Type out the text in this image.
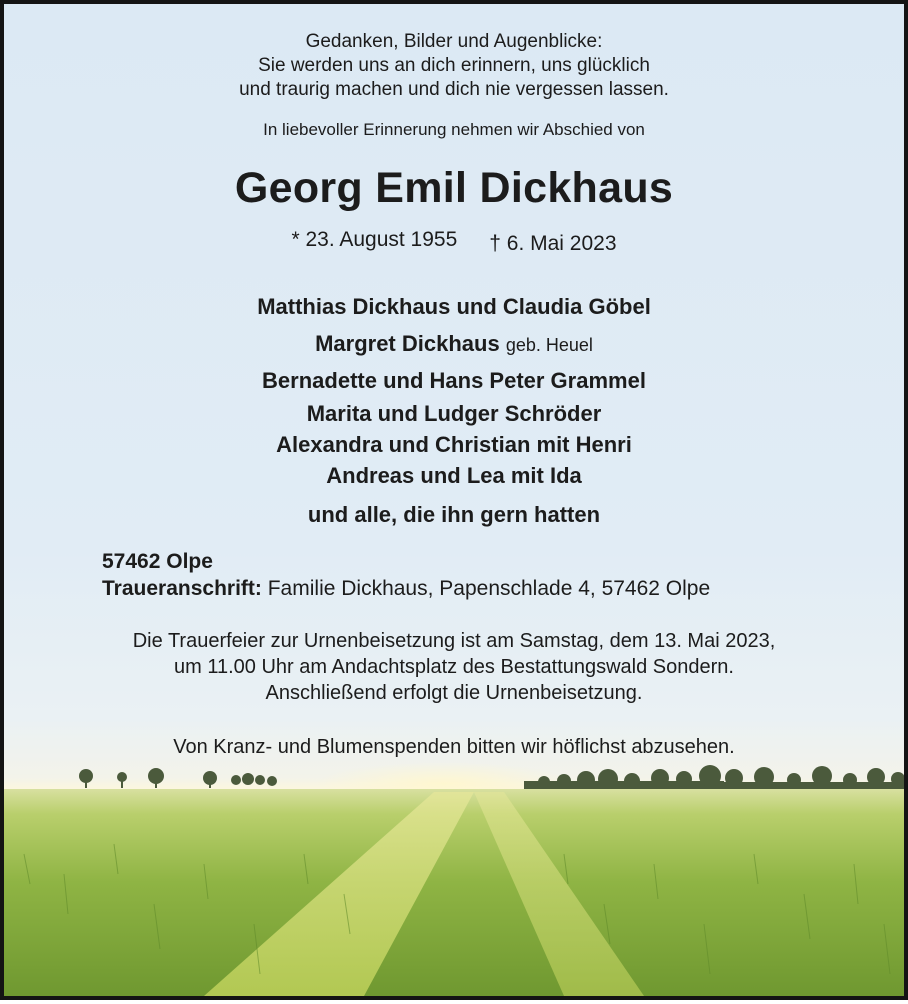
Gedanken, Bilder und Augenblicke:
Sie werden uns an dich erinnern, uns glücklich
und traurig machen und dich nie vergessen lassen.
In liebevoller Erinnerung nehmen wir Abschied von
Georg Emil Dickhaus
* 23. August 1955 † 6. Mai 2023
Matthias Dickhaus und Claudia Göbel
Margret Dickhaus geb. Heuel
Bernadette und Hans Peter Grammel
Marita und Ludger Schröder
Alexandra und Christian mit Henri
Andreas und Lea mit Ida
und alle, die ihn gern hatten
57462 Olpe
Traueranschrift: Familie Dickhaus, Papenschlade 4, 57462 Olpe
Die Trauerfeier zur Urnenbeisetzung ist am Samstag, dem 13. Mai 2023,
um 11.00 Uhr am Andachtsplatz des Bestattungswald Sondern.
Anschließend erfolgt die Urnenbeisetzung.
Von Kranz- und Blumenspenden bitten wir höflichst abzusehen.
